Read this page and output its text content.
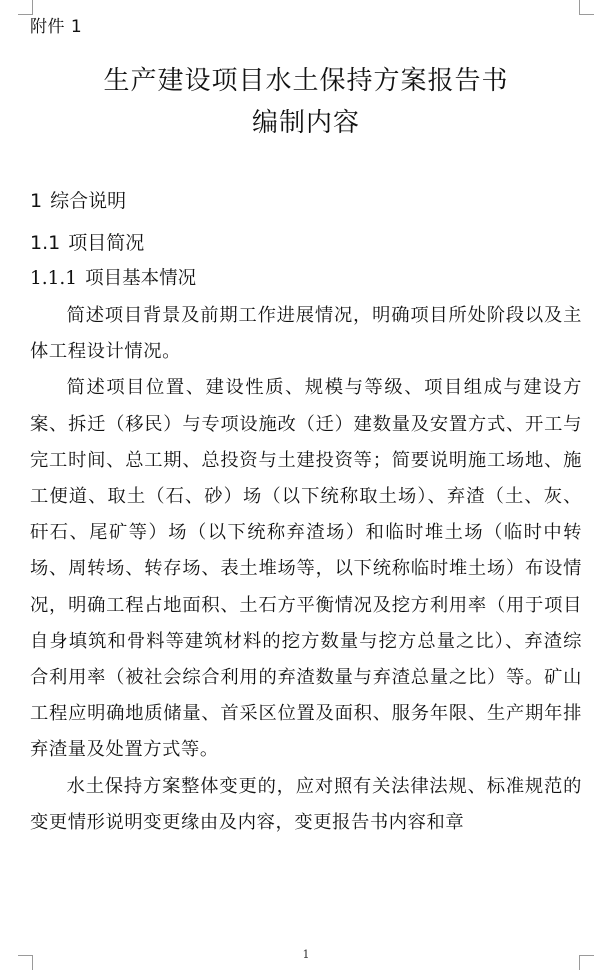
附件 1
生产建设项目水土保持方案报告书
编制内容
1 综合说明
1.1 项目简况
1.1.1 项目基本情况

简述项目背景及前期工作进展情况，明确项目所处阶段以及主体工程设计情况。

简述项目位置、建设性质、规模与等级、项目组成与建设方案、拆迁（移民）与专项设施改（迁）建数量及安置方式、开工与完工时间、总工期、总投资与土建投资等；简要说明施工场地、施工便道、取土（石、砂）场（以下统称取土场）、弃渣（土、灰、矸石、尾矿等）场（以下统称弃渣场）和临时堆土场（临时中转场、周转场、转存场、表土堆场等，以下统称临时堆土场）布设情况，明确工程占地面积、土石方平衡情况及挖方利用率（用于项目自身填筑和骨料等建筑材料的挖方数量与挖方总量之比）、弃渣综合利用率（被社会综合利用的弃渣数量与弃渣总量之比）等。矿山工程应明确地质储量、首采区位置及面积、服务年限、生产期年排弃渣量及处置方式等。

水土保持方案整体变更的，应对照有关法律法规、标准规范的变更情形说明变更缘由及内容，变更报告书内容和章

1
